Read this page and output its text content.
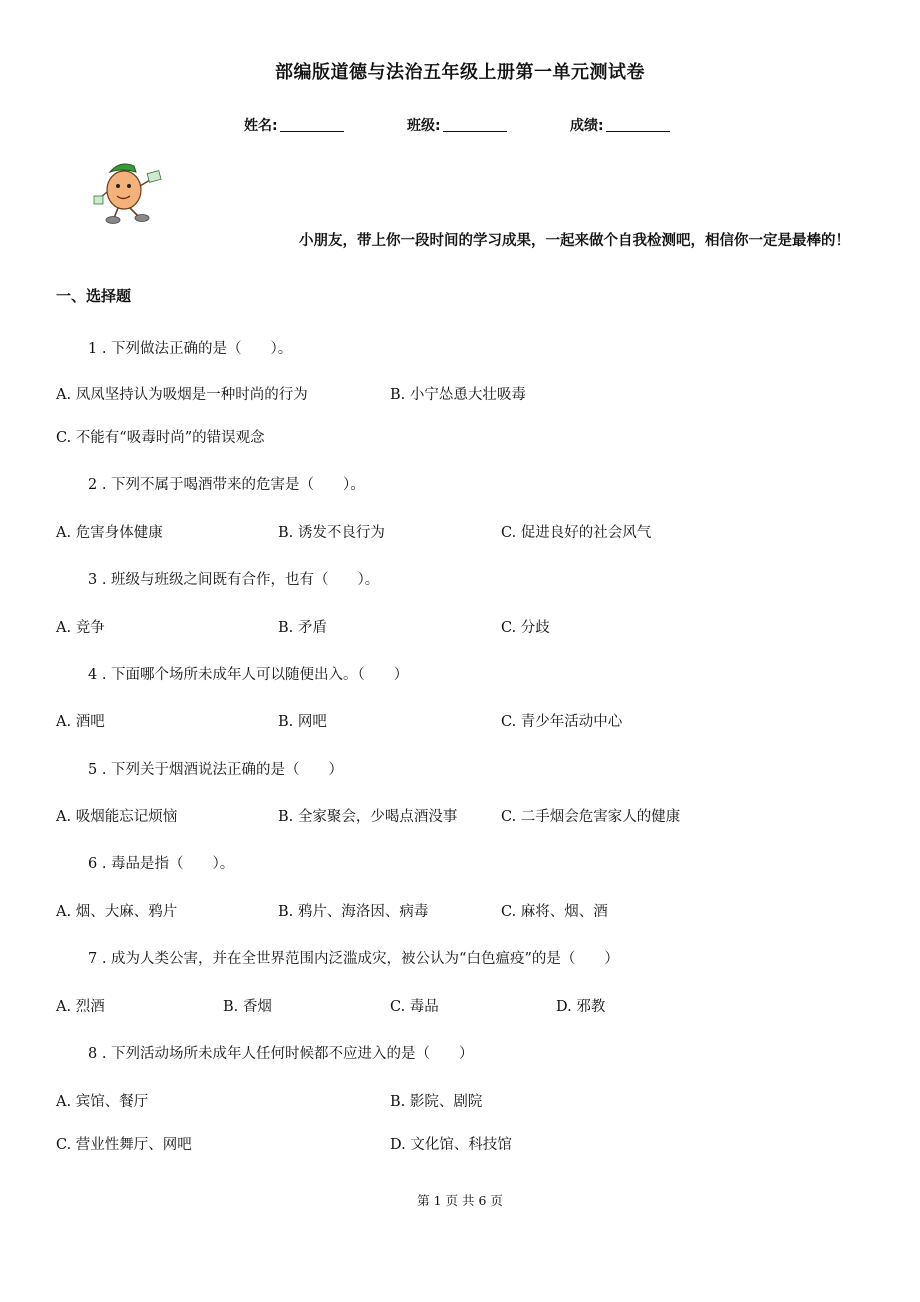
部编版道德与法治五年级上册第一单元测试卷
姓名:	班级:	成绩:
小朋友，带上你一段时间的学习成果，一起来做个自我检测吧，相信你一定是最棒的！
一、选择题
1 . 下列做法正确的是（　　）。
A. 凤凤坚持认为吸烟是一种时尚的行为	B. 小宁怂恿大壮吸毒
C. 不能有“吸毒时尚”的错误观念
2 . 下列不属于喝酒带来的危害是（　　）。
A. 危害身体健康	B. 诱发不良行为	C. 促进良好的社会风气
3 . 班级与班级之间既有合作，也有（　　）。
A. 竞争	B. 矛盾	C. 分歧
4 . 下面哪个场所未成年人可以随便出入。（　　）
A. 酒吧	B. 网吧	C. 青少年活动中心
5 . 下列关于烟酒说法正确的是（　　）
A. 吸烟能忘记烦恼	B. 全家聚会，少喝点酒没事	C. 二手烟会危害家人的健康
6 . 毒品是指（　　）。
A. 烟、大麻、鸦片	B. 鸦片、海洛因、病毒	C. 麻将、烟、酒
7 . 成为人类公害，并在全世界范围内泛滥成灾，被公认为“白色瘟疫”的是（　　）
A. 烈酒	B. 香烟	C. 毒品	D. 邪教
8 . 下列活动场所未成年人任何时候都不应进入的是（　　）
A. 宾馆、餐厅	B. 影院、剧院
C. 营业性舞厅、网吧	D. 文化馆、科技馆
第 1 页 共 6 页
